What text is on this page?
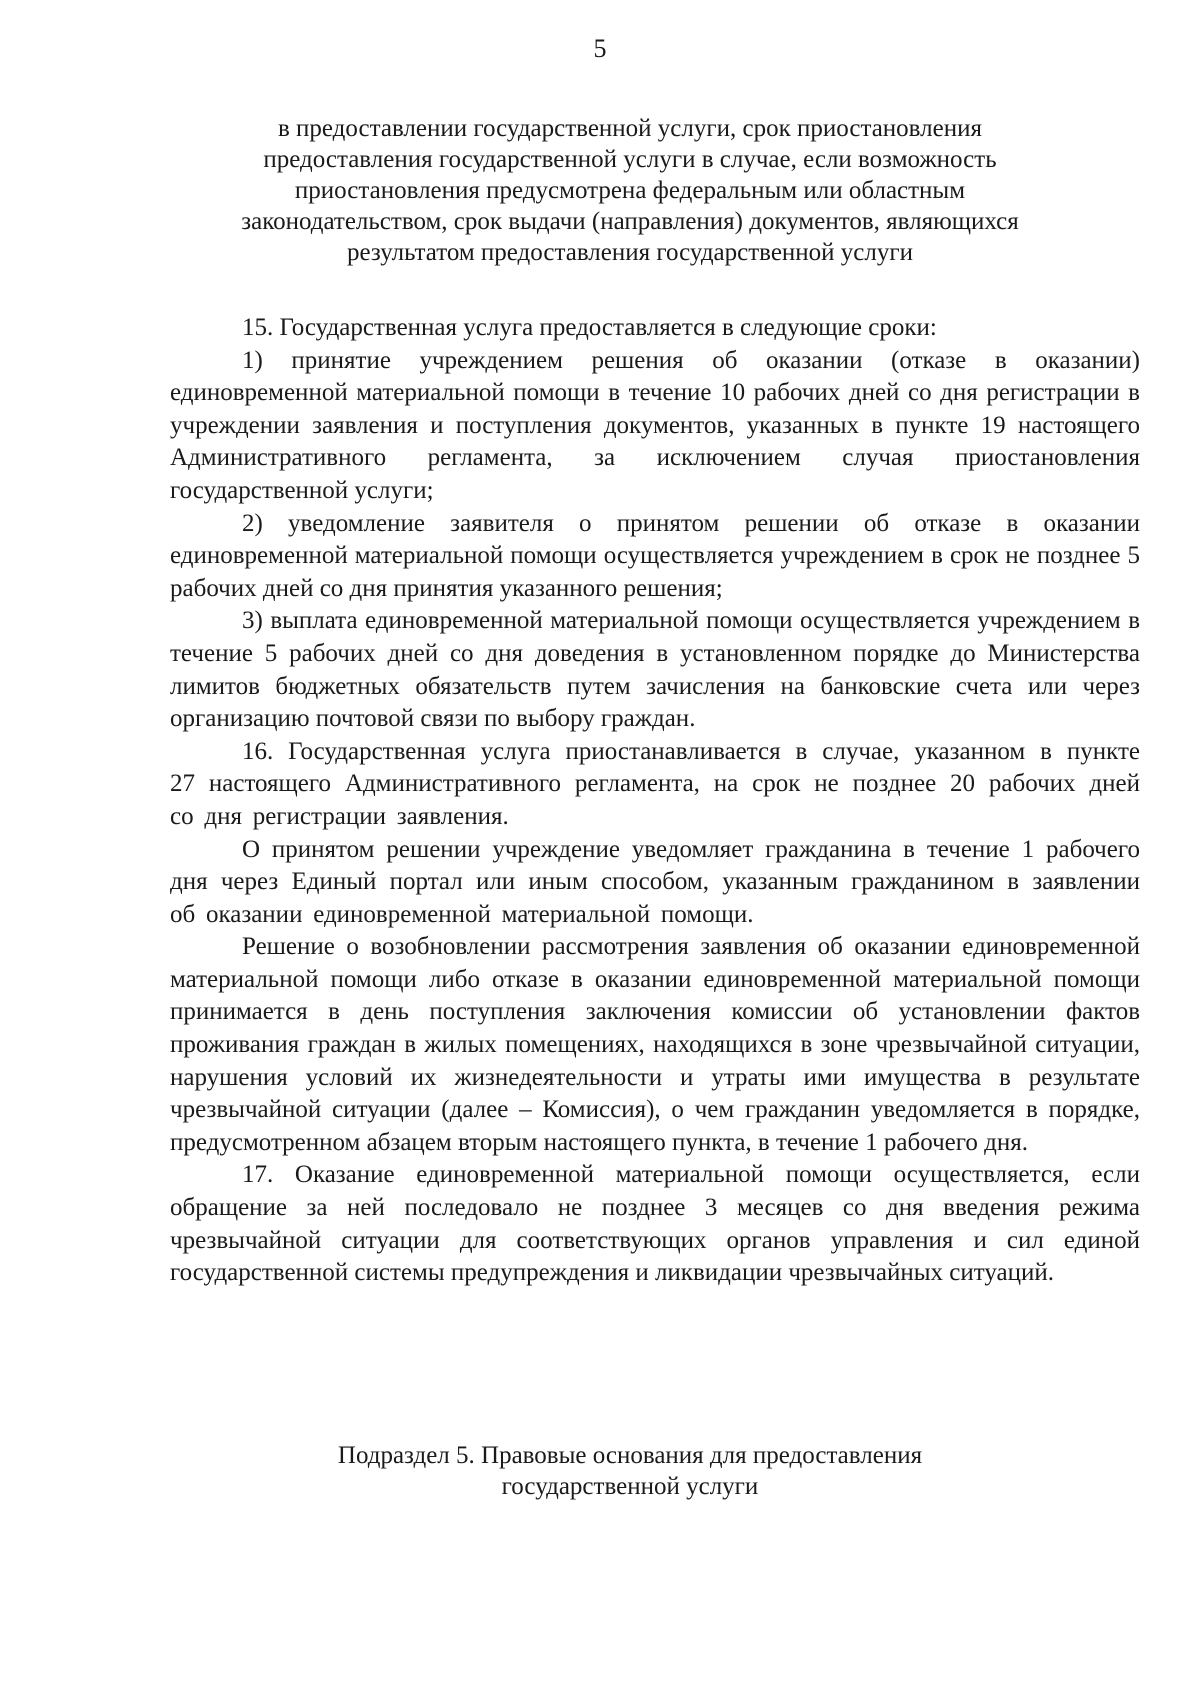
5
в предоставлении государственной услуги, срок приостановления
предоставления государственной услуги в случае, если возможность
приостановления предусмотрена федеральным или областным
законодательством, срок выдачи (направления) документов, являющихся
результатом предоставления государственной услуги

15. Государственная услуга предоставляется в следующие сроки:

1) принятие учреждением решения об оказании (отказе в оказании) единовременной материальной помощи в течение 10 рабочих дней со дня регистрации в учреждении заявления и поступления документов, указанных в пункте 19 настоящего Административного регламента, за исключением случая приостановления государственной услуги;

2) уведомление заявителя о принятом решении об отказе в оказании единовременной материальной помощи осуществляется учреждением в срок не позднее 5 рабочих дней со дня принятия указанного решения;

3) выплата единовременной материальной помощи осуществляется учреждением в течение 5 рабочих дней со дня доведения в установленном порядке до Министерства лимитов бюджетных обязательств путем зачисления на банковские счета или через организацию почтовой связи по выбору граждан.

16. Государственная услуга приостанавливается в случае, указанном в пункте 27 настоящего Административного регламента, на срок не позднее 20 рабочих дней со дня регистрации заявления.

О принятом решении учреждение уведомляет гражданина в течение 1 рабочего дня через Единый портал или иным способом, указанным гражданином в заявлении об оказании единовременной материальной помощи.

Решение о возобновлении рассмотрения заявления об оказании единовременной материальной помощи либо отказе в оказании единовременной материальной помощи принимается в день поступления заключения комиссии об установлении фактов проживания граждан в жилых помещениях, находящихся в зоне чрезвычайной ситуации, нарушения условий их жизнедеятельности и утраты ими имущества в результате чрезвычайной ситуации (далее – Комиссия), о чем гражданин уведомляется в порядке, предусмотренном абзацем вторым настоящего пункта, в течение 1 рабочего дня.

17. Оказание единовременной материальной помощи осуществляется, если обращение за ней последовало не позднее 3 месяцев со дня введения режима чрезвычайной ситуации для соответствующих органов управления и сил единой государственной системы предупреждения и ликвидации чрезвычайных ситуаций.

Подраздел 5. Правовые основания для предоставления
государственной услуги
